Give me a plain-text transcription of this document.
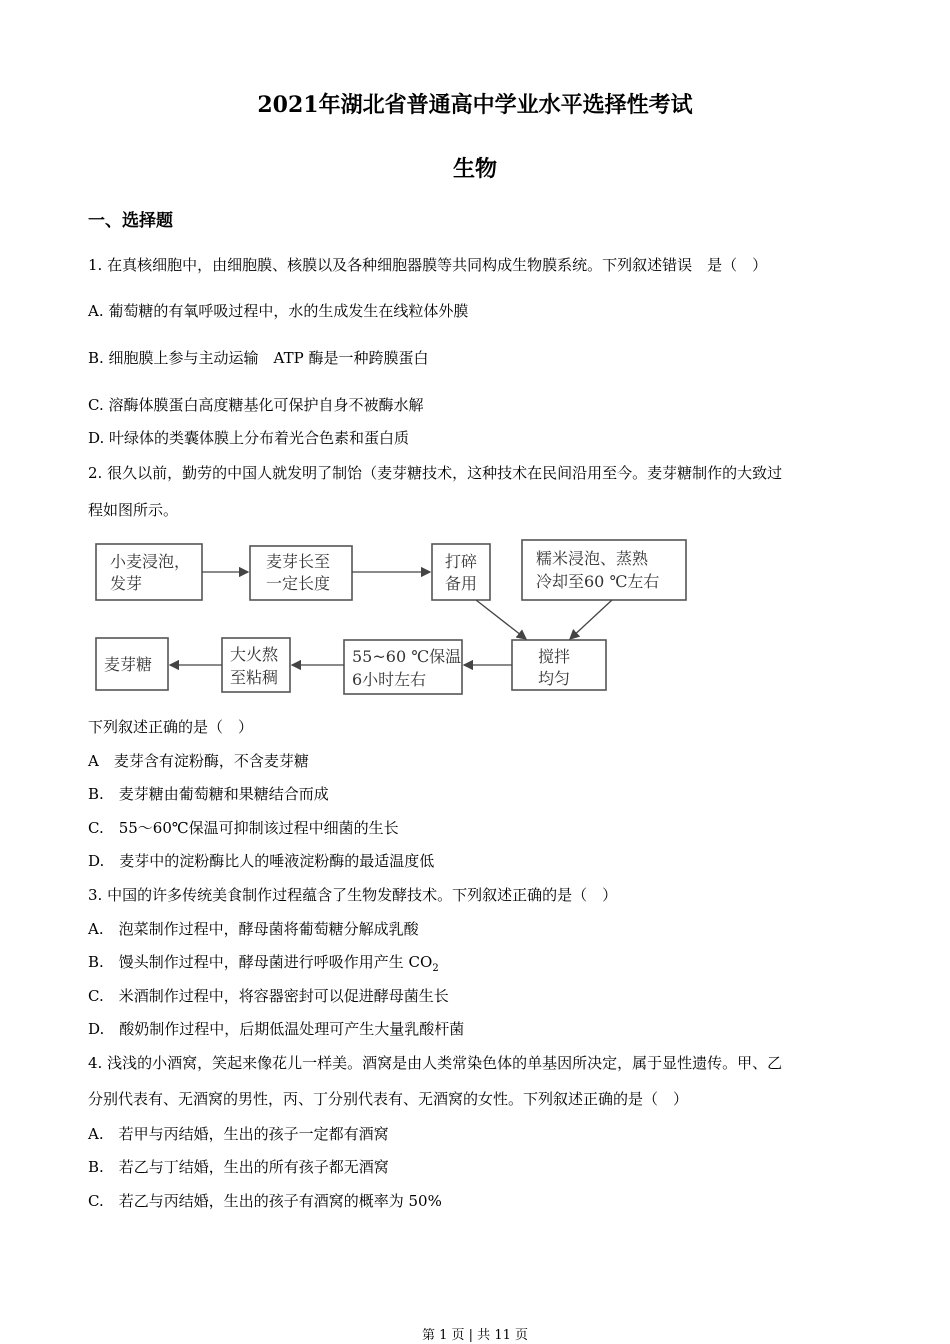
2021年湖北省普通高中学业水平选择性考试
生物
一、选择题
1. 在真核细胞中，由细胞膜、核膜以及各种细胞器膜等共同构成生物膜系统。下列叙述错误　是（　）
A. 葡萄糖的有氧呼吸过程中，水的生成发生在线粒体外膜
B. 细胞膜上参与主动运输　ATP 酶是一种跨膜蛋白
C. 溶酶体膜蛋白高度糖基化可保护自身不被酶水解
D. 叶绿体的类囊体膜上分布着光合色素和蛋白质
2. 很久以前，勤劳的中国人就发明了制饴（麦芽糖技术，这种技术在民间沿用至今。麦芽糖制作的大致过
程如图所示。
小麦浸泡，
发芽
麦芽长至
一定长度
打碎
备用
糯米浸泡、蒸熟
冷却至60 ℃左右
搅拌
均匀
55~60 ℃保温
6小时左右
大火熬
至粘稠
麦芽糖
下列叙述正确的是（　）
A　麦芽含有淀粉酶，不含麦芽糖
B.　麦芽糖由葡萄糖和果糖结合而成
C.　55～60℃保温可抑制该过程中细菌的生长
D.　麦芽中的淀粉酶比人的唾液淀粉酶的最适温度低
3. 中国的许多传统美食制作过程蕴含了生物发酵技术。下列叙述正确的是（　）
A.　泡菜制作过程中，酵母菌将葡萄糖分解成乳酸
B.　馒头制作过程中，酵母菌进行呼吸作用产生 $CO_2$
C.　米酒制作过程中，将容器密封可以促进酵母菌生长
D.　酸奶制作过程中，后期低温处理可产生大量乳酸杆菌
4. 浅浅的小酒窝，笑起来像花儿一样美。酒窝是由人类常染色体的单基因所决定，属于显性遗传。甲、乙
分别代表有、无酒窝的男性，丙、丁分别代表有、无酒窝的女性。下列叙述正确的是（　）
A.　若甲与丙结婚，生出的孩子一定都有酒窝
B.　若乙与丁结婚，生出的所有孩子都无酒窝
C.　若乙与丙结婚，生出的孩子有酒窝的概率为 50%
第 1 页 | 共 11 页
